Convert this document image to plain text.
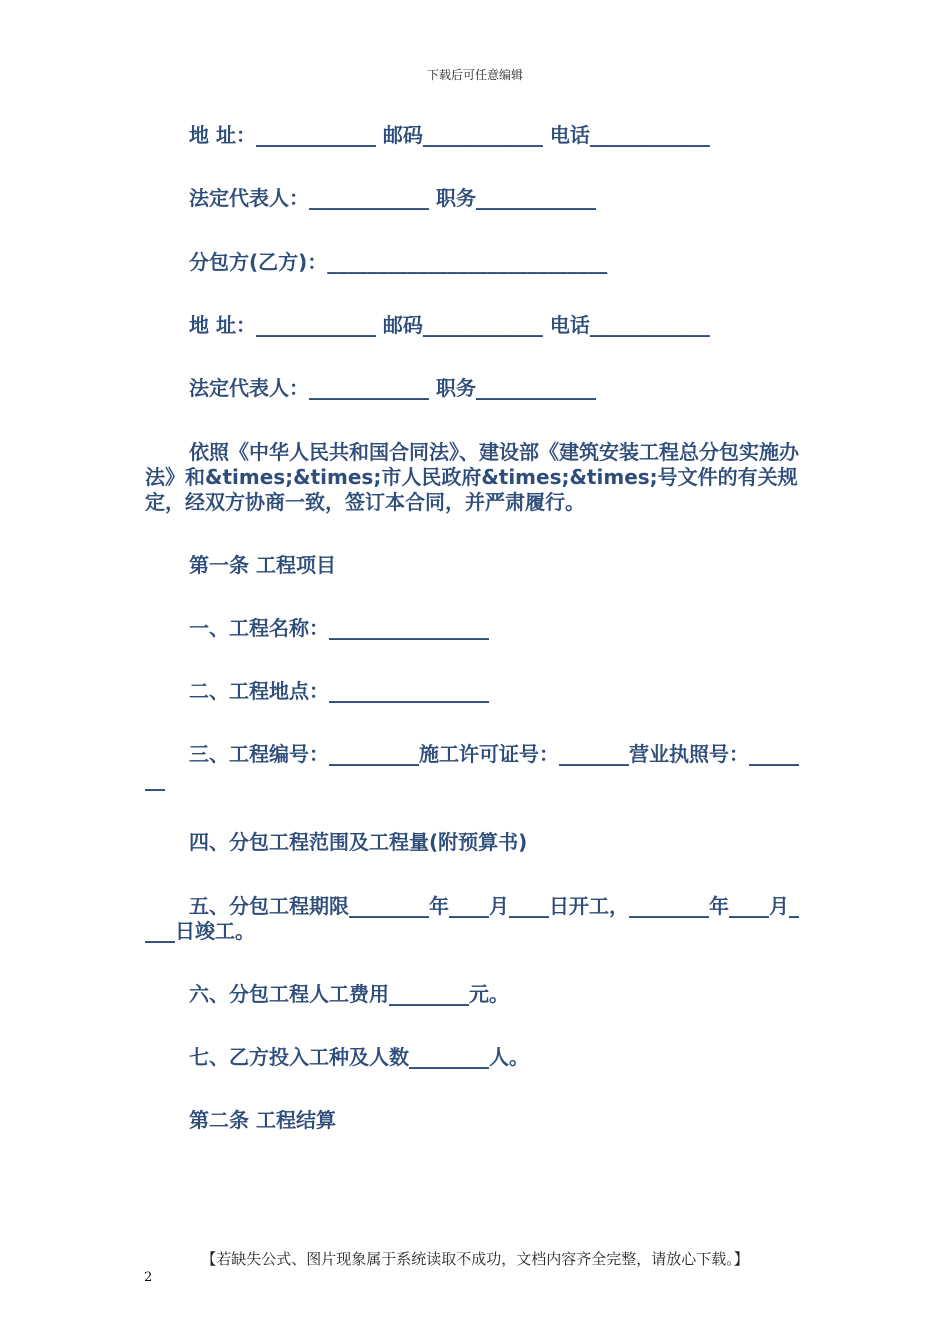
下载后可任意编辑
地 址：____________ 邮码____________ 电话____________
法定代表人：____________ 职务____________
分包方(乙方)：____________________________
地 址：____________ 邮码____________ 电话____________
法定代表人：____________ 职务____________
依照《中华人民共和国合同法》、建设部《建筑安装工程总分包实施办法》和&times;&times;市人民政府&times;&times;号文件的有关规定，经双方协商一致，签订本合同，并严肃履行。
第一条 工程项目
一、工程名称：________________
二、工程地点：________________
三、工程编号：_________施工许可证号：_______营业执照号：_______
四、分包工程范围及工程量(附预算书)
五、分包工程期限________年____月____日开工，________年____月____日竣工。
六、分包工程人工费用________元。
七、乙方投入工种及人数________人。
第二条 工程结算
【若缺失公式、图片现象属于系统读取不成功，文档内容齐全完整，请放心下载。】
2
